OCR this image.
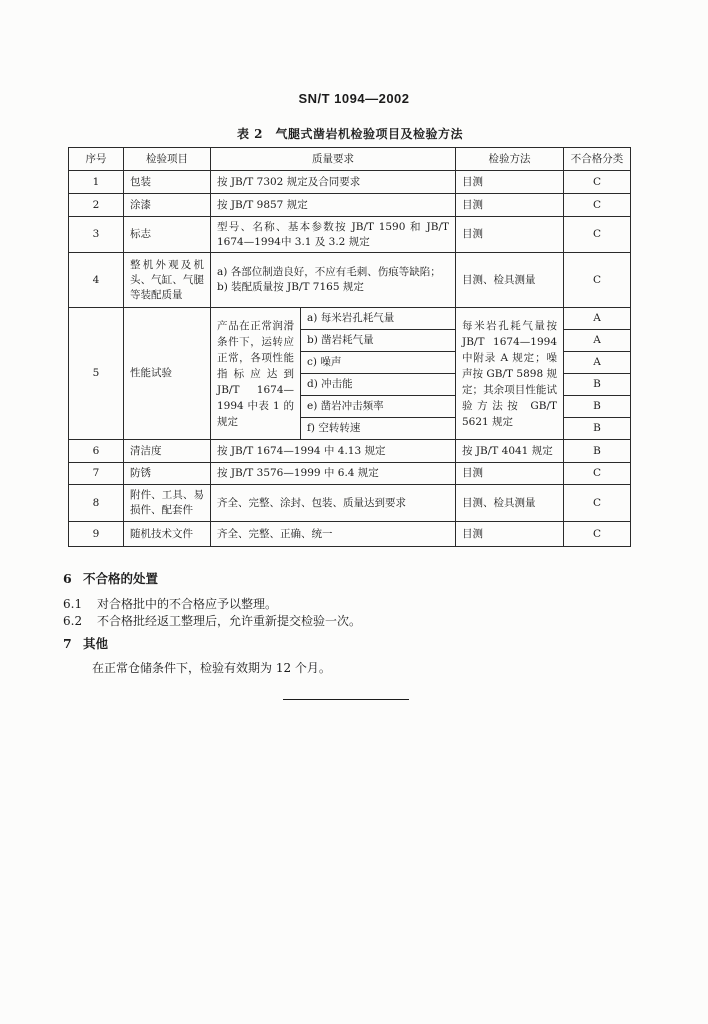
SN/T 1094—2002
表 2　气腿式凿岩机检验项目及检验方法
序号	检验项目	质量要求		检验方法	不合格分类
1	包装	按 JB/T 7302 规定及合同要求		目测	C
2	涂漆	按 JB/T 9857 规定		目测	C
3	标志	型号、名称、基本参数按 JB/T 1590 和 JB/T 1674—1994中 3.1 及 3.2 规定		目测	C
4	整机外观及机头、气缸、气腿等装配质量	a) 各部位制造良好，不应有毛刺、伤痕等缺陷；
b) 装配质量按 JB/T 7165 规定		目测、检具测量	C
5	性能试验	产品在正常润滑条件下，运转应正常，各项性能指标应达到 JB/T 1674—1994 中表 1 的规定	a) 每米岩孔耗气量	每米岩孔耗气量按 JB/T 1674—1994 中附录 A 规定；噪声按 GB/T 5898 规定；其余项目性能试验方法按 GB/T 5621 规定	A
			b) 凿岩耗气量		A
			c) 噪声		A
			d) 冲击能		B
			e) 凿岩冲击频率		B
			f) 空转转速		B
6	清洁度	按 JB/T 1674—1994 中 4.13 规定		按 JB/T 4041 规定	B
7	防锈	按 JB/T 3576—1999 中 6.4 规定		目测	C
8	附件、工具、易损件、配套件	齐全、完整、涂封、包装、质量达到要求		目测、检具测量	C
9	随机技术文件	齐全、完整、正确、统一		目测	C
6 不合格的处置
6.1 对合格批中的不合格应予以整理。
6.2 不合格批经返工整理后，允许重新提交检验一次。
7 其他
在正常仓储条件下，检验有效期为 12 个月。
